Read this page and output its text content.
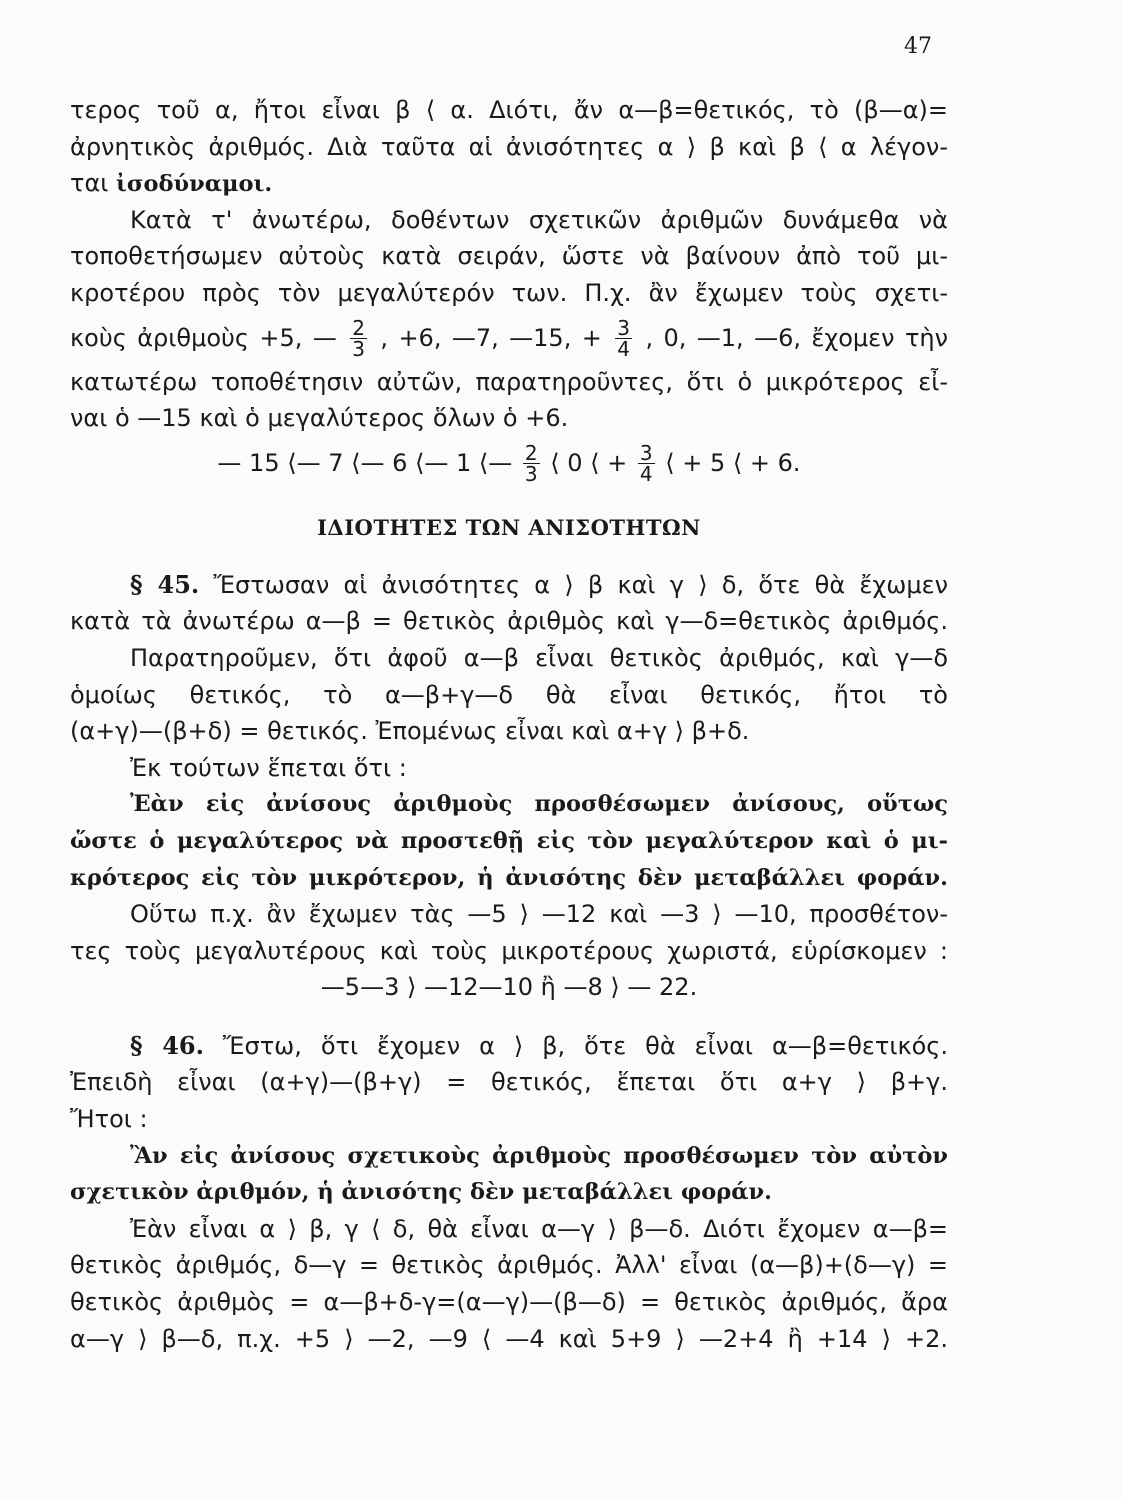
47
τερος τοῦ α, ἤτοι εἶναι β ⟨ α. Διότι, ἄν α—β=θετικός, τὸ (β—α)=
ἀρνητικὸς ἀριθμός. Διὰ ταῦτα αἱ ἀνισότητες α ⟩ β καὶ β ⟨ α λέγον-
ται ἰσοδύναμοι.
Κατὰ τ' ἀνωτέρω, δοθέντων σχετικῶν ἀριθμῶν δυνάμεθα νὰ
τοποθετήσωμεν αὐτοὺς κατὰ σειράν, ὥστε νὰ βαίνουν ἀπὸ τοῦ μι-
κροτέρου πρὸς τὸν μεγαλύτερόν των. Π.χ. ἂν ἔχωμεν τοὺς σχετι-
κοὺς ἀριθμοὺς +5, — $\frac{2}{3}$ , +6, —7, —15, + $\frac{3}{4}$ , 0, —1, —6, ἔχομεν τὴν
κατωτέρω τοποθέτησιν αὐτῶν, παρατηροῦντες, ὅτι ὁ μικρότερος εἶ-
ναι ὁ —15 καὶ ὁ μεγαλύτερος ὅλων ὁ +6.
— 15 ⟨— 7 ⟨— 6 ⟨— 1 ⟨— $\frac{2}{3}$ ⟨ 0 ⟨ + $\frac{3}{4}$ ⟨ + 5 ⟨ + 6.
ΙΔΙΟΤΗΤΕΣ ΤΩΝ ΑΝΙΣΟΤΗΤΩΝ
§ 45. Ἔστωσαν αἱ ἀνισότητες α ⟩ β καὶ γ ⟩ δ, ὅτε θὰ ἔχωμεν
κατὰ τὰ ἀνωτέρω α—β = θετικὸς ἀριθμὸς καὶ γ—δ=θετικὸς ἀριθμός.
Παρατηροῦμεν, ὅτι ἀφοῦ α—β εἶναι θετικὸς ἀριθμός, καὶ γ—δ
ὁμοίως θετικός, τὸ α—β+γ—δ θὰ εἶναι θετικός, ἤτοι τὸ
(α+γ)—(β+δ) = θετικός. Ἐπομένως εἶναι καὶ α+γ ⟩ β+δ.
Ἐκ τούτων ἕπεται ὅτι :
Ἐὰν εἰς ἀνίσους ἀριθμοὺς προσθέσωμεν ἀνίσους, οὕτως
ὥστε ὁ μεγαλύτερος νὰ προστεθῇ εἰς τὸν μεγαλύτερον καὶ ὁ μι-
κρότερος εἰς τὸν μικρότερον, ἡ ἀνισότης δὲν μεταβάλλει φοράν.
Οὕτω π.χ. ἂν ἔχωμεν τὰς —5 ⟩ —12 καὶ —3 ⟩ —10, προσθέτον-
τες τοὺς μεγαλυτέρους καὶ τοὺς μικροτέρους χωριστά, εὑρίσκομεν :
—5—3 ⟩ —12—10 ἢ —8 ⟩ — 22.
§ 46. Ἔστω, ὅτι ἔχομεν α ⟩ β, ὅτε θὰ εἶναι α—β=θετικός.
Ἐπειδὴ εἶναι (α+γ)—(β+γ) = θετικός, ἕπεται ὅτι α+γ ⟩ β+γ.
Ἤτοι :
Ἂν εἰς ἀνίσους σχετικοὺς ἀριθμοὺς προσθέσωμεν τὸν αὐτὸν
σχετικὸν ἀριθμόν, ἡ ἀνισότης δὲν μεταβάλλει φοράν.
Ἐὰν εἶναι α ⟩ β, γ ⟨ δ, θὰ εἶναι α—γ ⟩ β—δ. Διότι ἔχομεν α—β=
θετικὸς ἀριθμός, δ—γ = θετικὸς ἀριθμός. Ἀλλ' εἶναι (α—β)+(δ—γ) =
θετικὸς ἀριθμὸς = α—β+δ-γ=(α—γ)—(β—δ) = θετικὸς ἀριθμός, ἄρα
α—γ ⟩ β—δ, π.χ. +5 ⟩ —2, —9 ⟨ —4 καὶ 5+9 ⟩ —2+4 ἢ +14 ⟩ +2.
